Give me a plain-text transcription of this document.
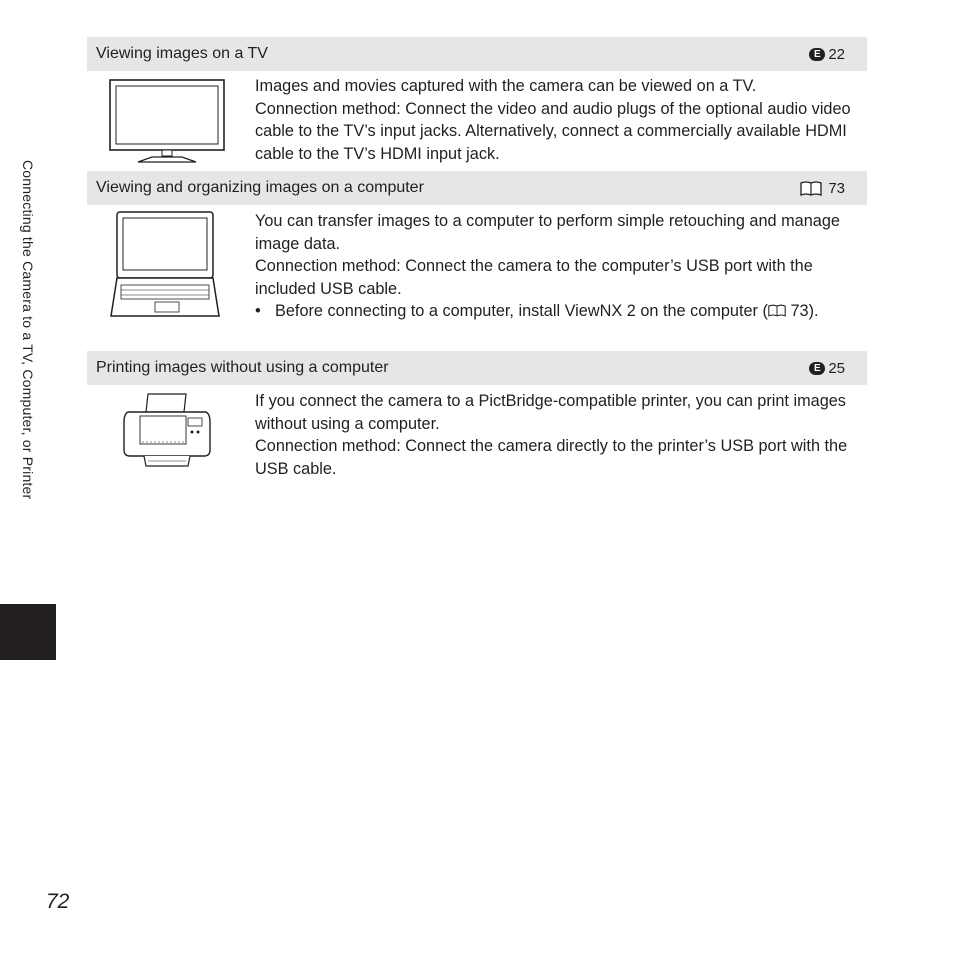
Connecting the Camera to a TV, Computer, or Printer
Viewing images on a TV	E 22

Images and movies captured with the camera can be viewed on a TV.

Connection method: Connect the video and audio plugs of the optional audio video cable to the TV’s input jacks. Alternatively, connect a commercially available HDMI cable to the TV’s HDMI input jack.

Viewing and organizing images on a computer	73

You can transfer images to a computer to perform simple retouching and manage image data.

Connection method: Connect the camera to the computer’s USB port with the included USB cable.

• Before connecting to a computer, install ViewNX 2 on the computer ( 73).
Printing images without using a computer	E 25

If you connect the camera to a PictBridge-compatible printer, you can print images without using a computer.

Connection method: Connect the camera directly to the printer’s USB port with the USB cable.

72
